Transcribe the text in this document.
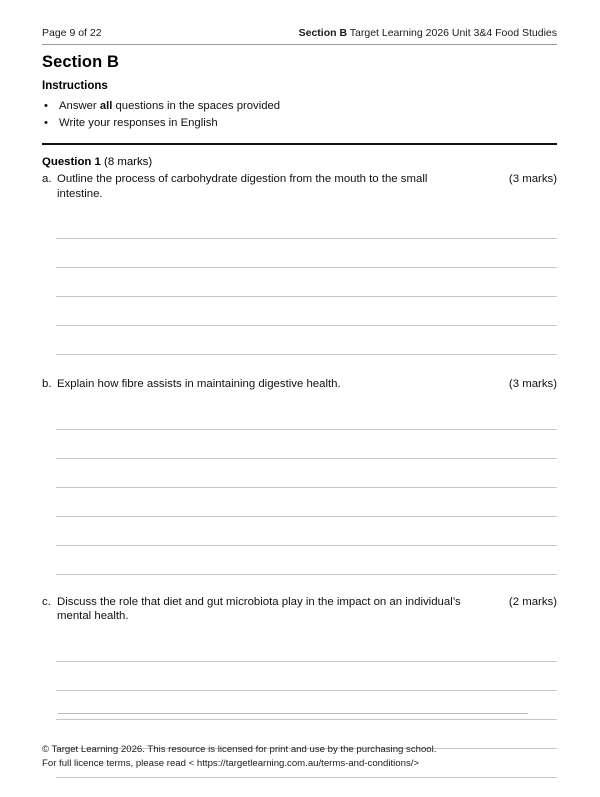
Page 9 of 22	Section B Target Learning 2026 Unit 3&4 Food Studies
Section B
Instructions
• Answer all questions in the spaces provided
• Write your responses in English
Question 1 (8 marks)
a. Outline the process of carbohydrate digestion from the mouth to the small intestine.
(3 marks)
b. Explain how fibre assists in maintaining digestive health.	(3 marks)
c. Discuss the role that diet and gut microbiota play in the impact on an individual’s mental health.
(2 marks)
© Target Learning 2026. This resource is licensed for print and use by the purchasing school.
For full licence terms, please read < https://targetlearning.com.au/terms-and-conditions/>
